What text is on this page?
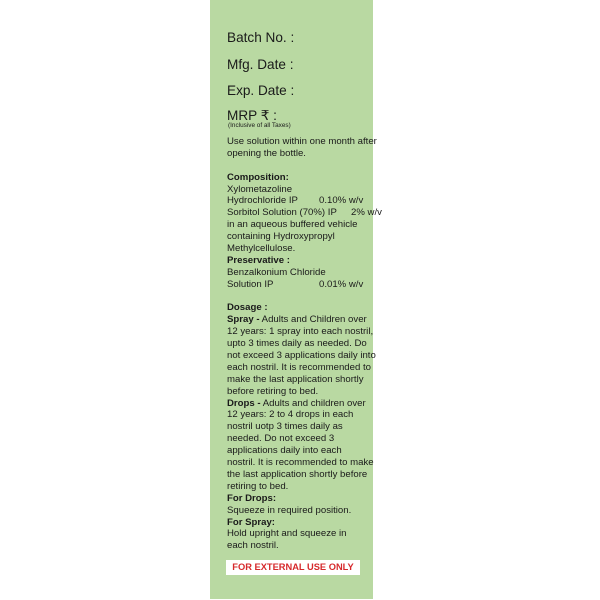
Batch No. :
Mfg. Date :
Exp. Date :
MRP ₹ :
(Inclusive of all Taxes)
Use solution within one month after
opening the bottle.
Composition:
Xylometazoline
Hydrochloride IP 0.10% w/v
Sorbitol Solution (70%) IP 2% w/v
in an aqueous buffered vehicle
containing Hydroxypropyl
Methylcellulose.
Preservative :
Benzalkonium Chloride
Solution IP	0.01% w/v
Dosage :
Spray - Adults and Children over
12 years: 1 spray into each nostril,
upto 3 times daily as needed. Do
not exceed 3 applications daily into
each nostril. It is recommended to
make the last application shortly
before retiring to bed.
Drops - Adults and children over
12 years: 2 to 4 drops in each
nostril uotp 3 times daily as
needed. Do not exceed 3
applications daily into each
nostril. It is recommended to make
the last application shortly before
retiring to bed.
For Drops:
Squeeze in required position.
For Spray:
Hold upright and squeeze in
each nostril.
FOR EXTERNAL USE ONLY
